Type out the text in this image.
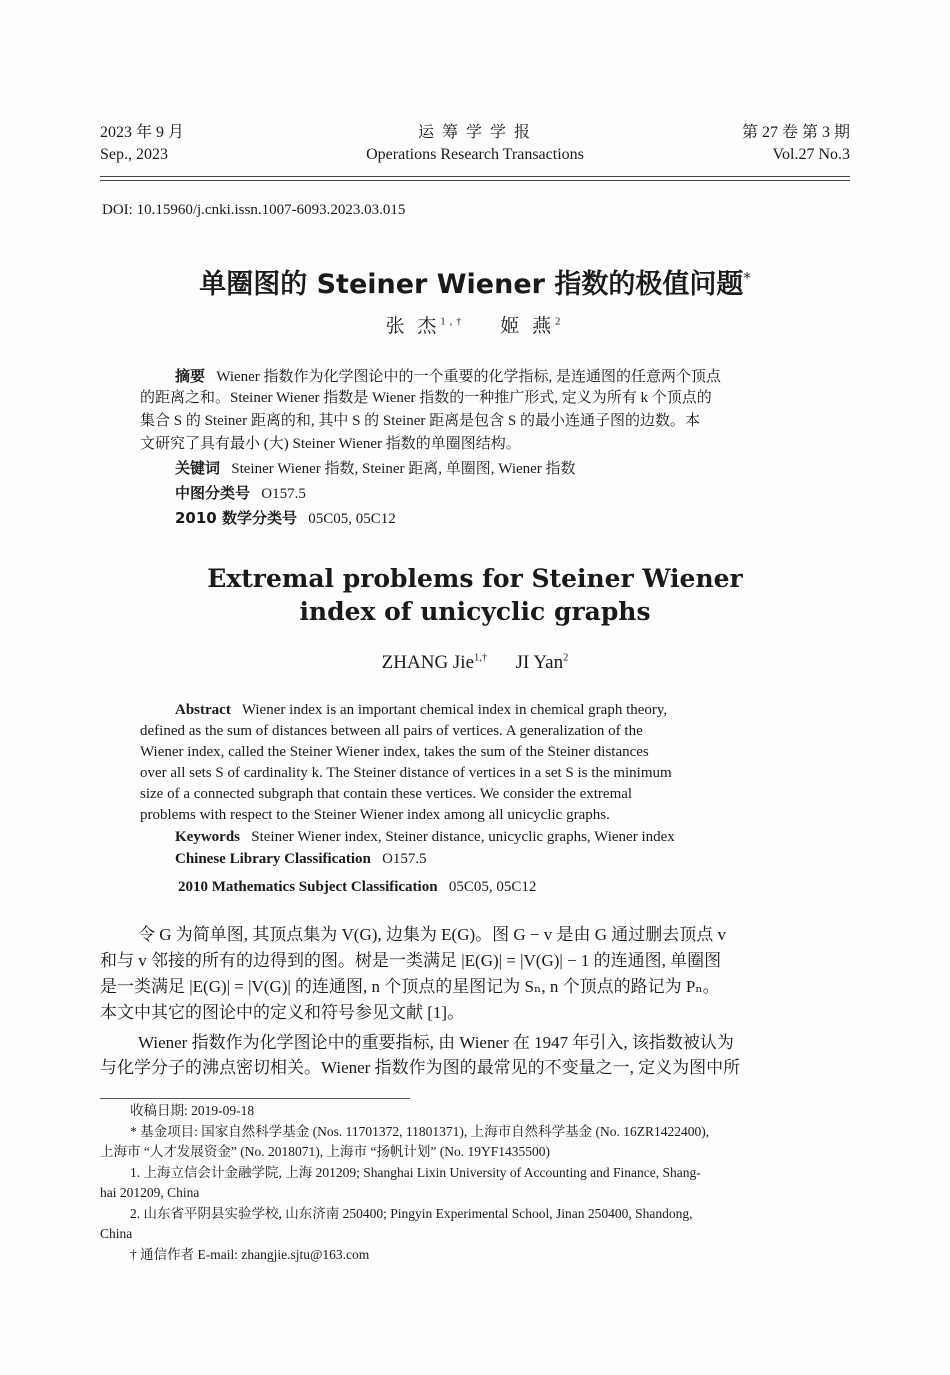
2023 年 9 月
Sep., 2023
运 筹 学 学 报
Operations Research Transactions
第 27 卷 第 3 期
Vol.27 No.3
DOI: 10.15960/j.cnki.issn.1007-6093.2023.03.015
单圈图的 Steiner Wiener 指数的极值问题*
张 杰$^{1,\dagger}$ 姬 燕$^2$
摘要 Wiener 指数作为化学图论中的一个重要的化学指标, 是连通图的任意两个顶点
的距离之和。Steiner Wiener 指数是 Wiener 指数的一种推广形式, 定义为所有 k 个顶点的
集合 S 的 Steiner 距离的和, 其中 S 的 Steiner 距离是包含 S 的最小连通子图的边数。本
文研究了具有最小 (大) Steiner Wiener 指数的单圈图结构。
关键词 Steiner Wiener 指数, Steiner 距离, 单圈图, Wiener 指数
中图分类号 O157.5
2010 数学分类号 05C05, 05C12
Extremal problems for Steiner Wiener
index of unicyclic graphs
ZHANG Jie$^{1,\dagger}$ JI Yan$^2$
Abstract Wiener index is an important chemical index in chemical graph theory,
defined as the sum of distances between all pairs of vertices. A generalization of the
Wiener index, called the Steiner Wiener index, takes the sum of the Steiner distances
over all sets S of cardinality k. The Steiner distance of vertices in a set S is the minimum
size of a connected subgraph that contain these vertices. We consider the extremal
problems with respect to the Steiner Wiener index among all unicyclic graphs.
Keywords Steiner Wiener index, Steiner distance, unicyclic graphs, Wiener index
Chinese Library Classification O157.5
2010 Mathematics Subject Classification 05C05, 05C12
令 G 为简单图, 其顶点集为 V(G), 边集为 E(G)。图 G − v 是由 G 通过删去顶点 v
和与 v 邻接的所有的边得到的图。树是一类满足 |E(G)| = |V(G)| − 1 的连通图, 单圈图
是一类满足 |E(G)| = |V(G)| 的连通图, n 个顶点的星图记为 Sₙ, n 个顶点的路记为 Pₙ。
本文中其它的图论中的定义和符号参见文献 [1]。
Wiener 指数作为化学图论中的重要指标, 由 Wiener 在 1947 年引入, 该指数被认为
与化学分子的沸点密切相关。Wiener 指数作为图的最常见的不变量之一, 定义为图中所
收稿日期: 2019-09-18
* 基金项目: 国家自然科学基金 (Nos. 11701372, 11801371), 上海市自然科学基金 (No. 16ZR1422400),
上海市 “人才发展资金” (No. 2018071), 上海市 “扬帆计划” (No. 19YF1435500)
1. 上海立信会计金融学院, 上海 201209; Shanghai Lixin University of Accounting and Finance, Shang-
hai 201209, China
2. 山东省平阴县实验学校, 山东济南 250400; Pingyin Experimental School, Jinan 250400, Shandong,
China
† 通信作者 E-mail: zhangjie.sjtu@163.com
